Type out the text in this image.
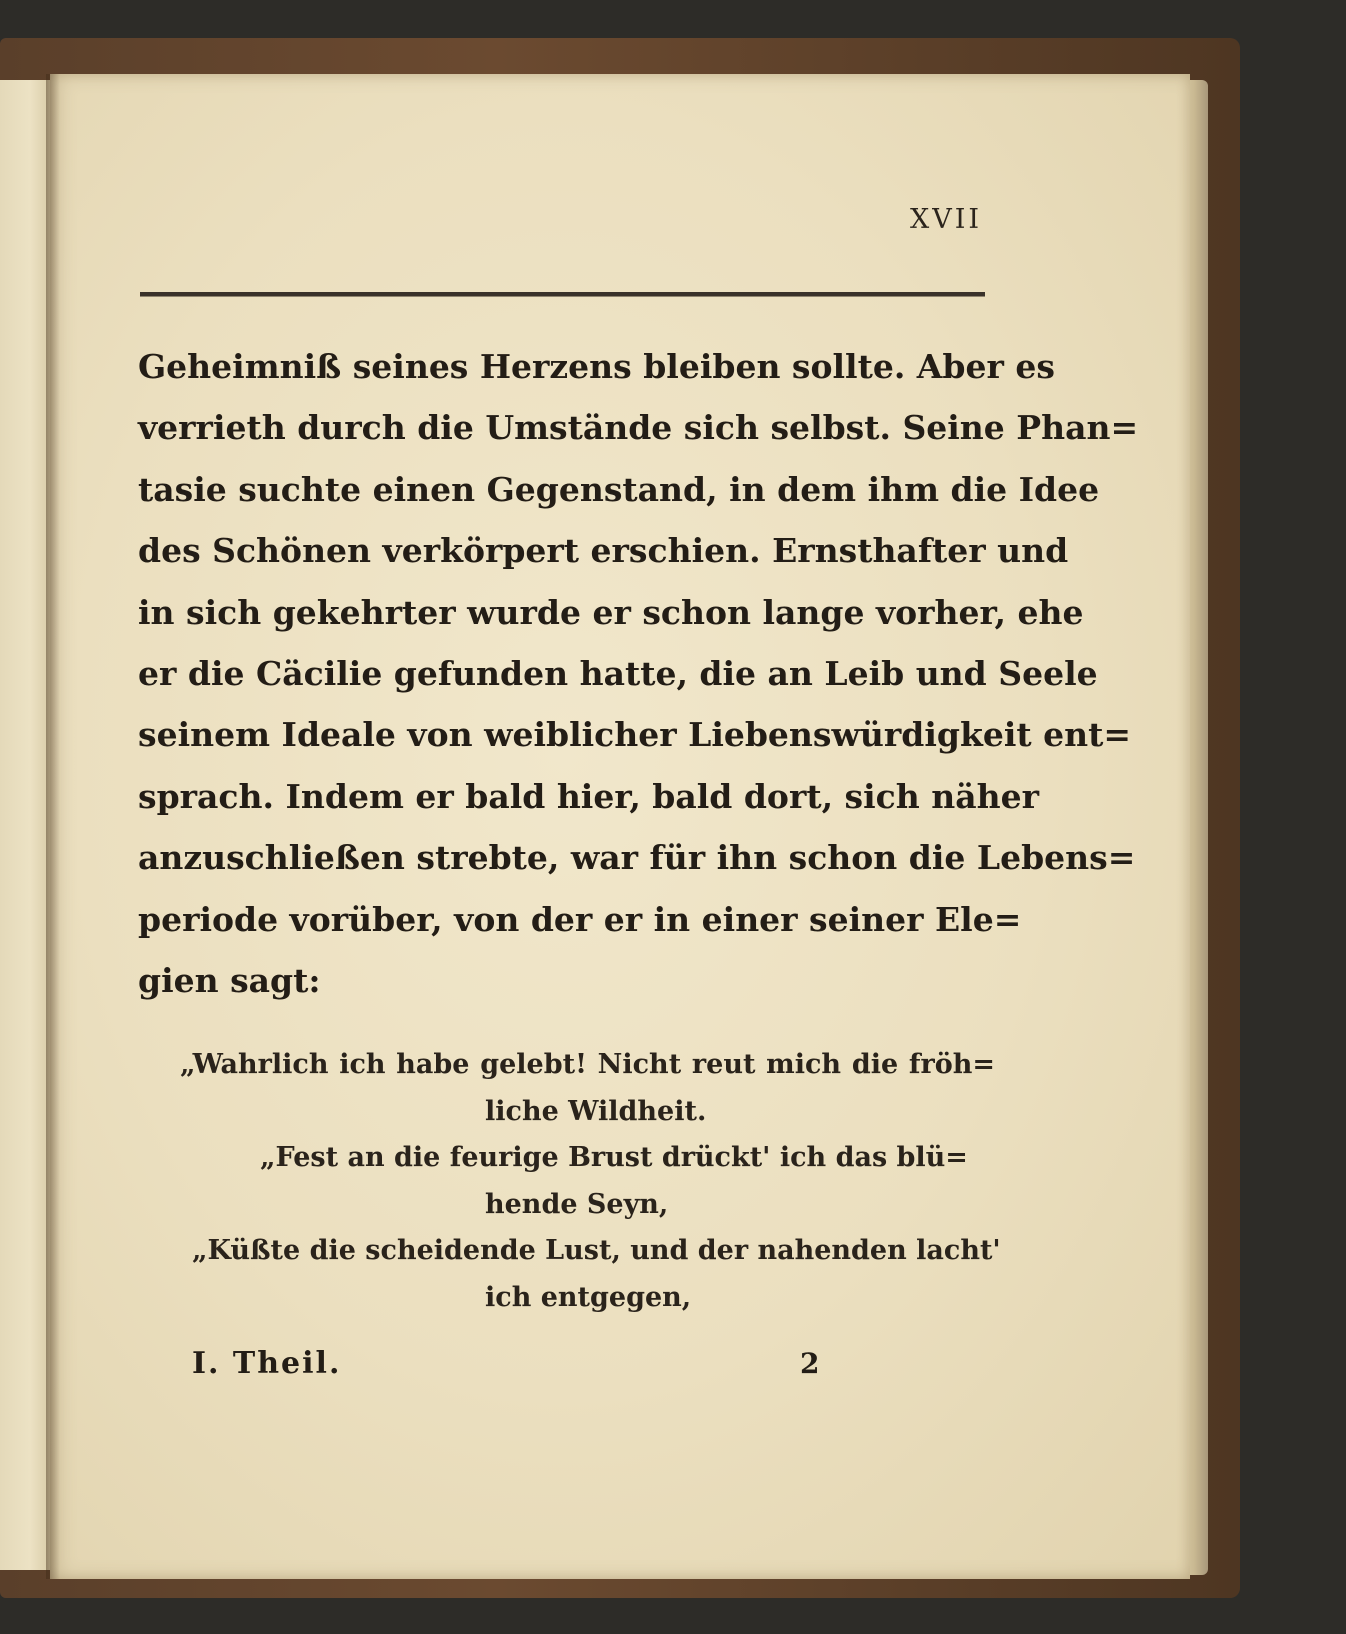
XVII
Geheimniß seines Herzens bleiben sollte. Aber es
verrieth durch die Umstände sich selbst. Seine Phan=
tasie suchte einen Gegenstand, in dem ihm die Idee
des Schönen verkörpert erschien. Ernsthafter und
in sich gekehrter wurde er schon lange vorher, ehe
er die Cäcilie gefunden hatte, die an Leib und Seele
seinem Ideale von weiblicher Liebenswürdigkeit ent=
sprach. Indem er bald hier, bald dort, sich näher
anzuschließen strebte, war für ihn schon die Lebens=
periode vorüber, von der er in einer seiner Ele=
gien sagt:
„Wahrlich ich habe gelebt! Nicht reut mich die fröh=
liche Wildheit.
„Fest an die feurige Brust drückt' ich das blü=
hende Seyn,
„Küßte die scheidende Lust, und der nahenden lacht'
ich entgegen,
I. Theil.	2
